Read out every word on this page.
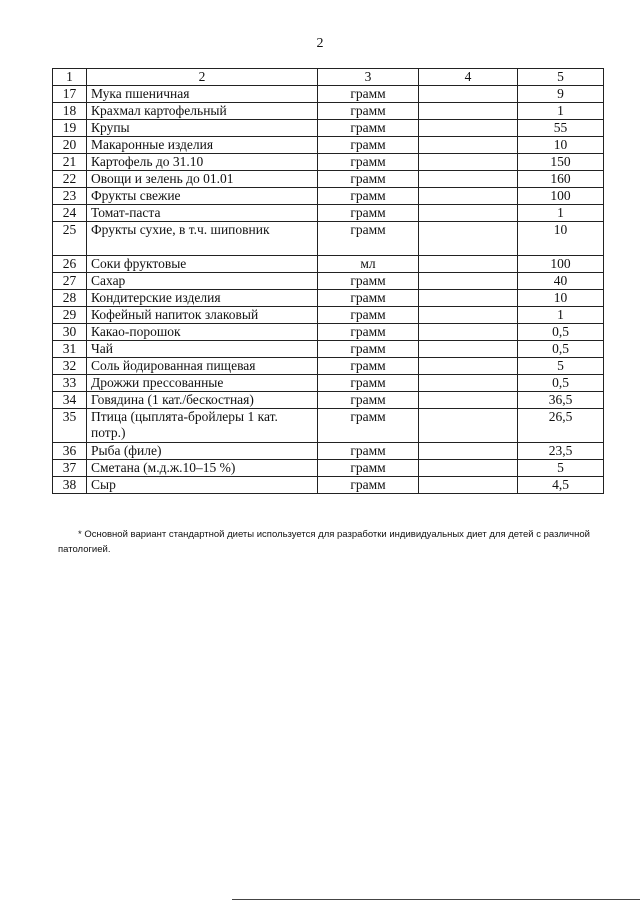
2
1	2	3	4	5
17	Мука пшеничная	грамм		9
18	Крахмал картофельный	грамм		1
19	Крупы	грамм		55
20	Макаронные изделия	грамм		10
21	Картофель до 31.10	грамм		150
22	Овощи и зелень до 01.01	грамм		160
23	Фрукты свежие	грамм		100
24	Томат-паста	грамм		1
25	Фрукты сухие, в т.ч. шиповник	грамм		10
26	Соки фруктовые	мл		100
27	Сахар	грамм		40
28	Кондитерские изделия	грамм		10
29	Кофейный напиток злаковый	грамм		1
30	Какао-порошок	грамм		0,5
31	Чай	грамм		0,5
32	Соль йодированная пищевая	грамм		5
33	Дрожжи прессованные	грамм		0,5
34	Говядина (1 кат./бескостная)	грамм		36,5
35	Птица (цыплята-бройлеры 1 кат. потр.)	грамм		26,5
36	Рыба (филе)	грамм		23,5
37	Сметана (м.д.ж.10–15 %)	грамм		5
38	Сыр	грамм		4,5
* Основной вариант стандартной диеты используется для разработки индивидуальных диет для детей с различной патологией.
